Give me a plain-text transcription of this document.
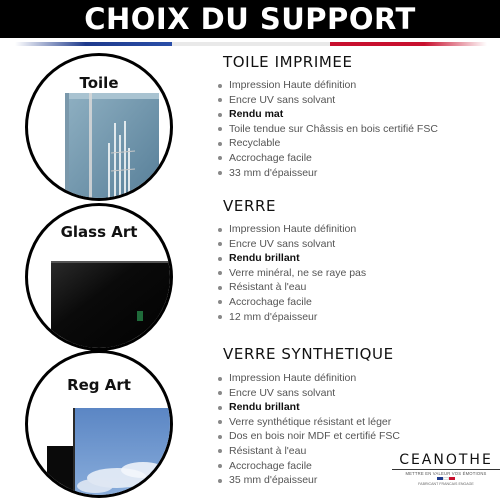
CHOIX DU SUPPORT
Toile
Glass Art
Reg Art
TOILE IMPRIMEE
Impression Haute définition
Encre UV sans solvant
Rendu mat
Toile tendue sur Châssis en bois certifié FSC
Recyclable
Accrochage facile
33 mm d'épaisseur
VERRE
Impression Haute définition
Encre UV sans solvant
Rendu brillant
Verre minéral, ne se raye pas
Résistant à l'eau
Accrochage facile
12 mm d'épaisseur
VERRE SYNTHETIQUE
Impression Haute définition
Encre UV sans solvant
Rendu brillant
Verre synthétique résistant et léger
Dos en bois noir MDF et certifié FSC
Résistant à l'eau
Accrochage facile
35 mm d'épaisseur
CEANOTHE
METTRE EN VALEUR VOS ÉMOTIONS
FABRICANT FRANCAIS ENGAGE
